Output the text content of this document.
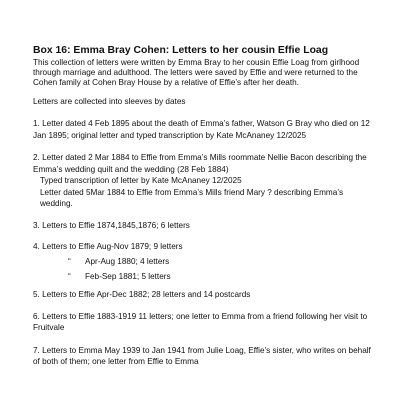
Box 16: Emma Bray Cohen: Letters to her cousin Effie Loag

This collection of letters were written by Emma Bray to her cousin Effie Loag from girlhood through marriage and adulthood. The letters were saved by Effie and were returned to the Cohen family at Cohen Bray House by a relative of Effie’s after her death.

Letters are collected into sleeves by dates

1. Letter dated 4 Feb 1895 about the death of Emma’s father, Watson G Bray who died on 12 Jan 1895; original letter and typed transcription by Kate McAnaney 12/2025

2. Letter dated 2 Mar 1884 to Effie from Emma’s Mills roommate Nellie Bacon describing the Emma’s wedding quilt and the wedding (28 Feb 1884)

Typed transcription of letter by Kate McAnaney 12/2025

Letter dated 5Mar 1884 to Effie from Emma’s Mills friend Mary ? describing Emma’s wedding.

3. Letters to Effie 1874,1845,1876; 6 letters

4. Letters to Effie Aug-Nov 1879; 9 letters

“	Apr-Aug 1880; 4 letters
“	Feb-Sep 1881; 5 letters

5. Letters to Effie Apr-Dec 1882; 28 letters and 14 postcards

6. Letters to Effie 1883-1919 11 letters; one letter to Emma from a friend following her visit to Fruitvale

7. Letters to Emma May 1939 to Jan 1941 from Julie Loag, Effie’s sister, who writes on behalf of both of them; one letter from Effie to Emma
